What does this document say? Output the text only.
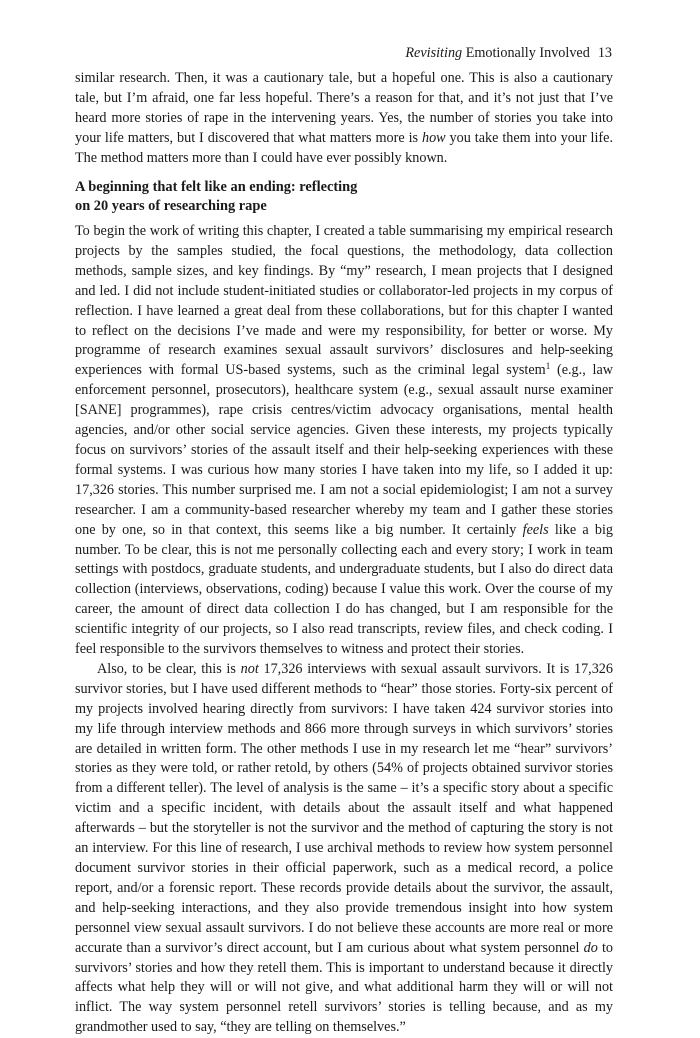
Revisiting Emotionally Involved 13

similar research. Then, it was a cautionary tale, but a hopeful one. This is also a cautionary tale, but I’m afraid, one far less hopeful. There’s a reason for that, and it’s not just that I’ve heard more stories of rape in the intervening years. Yes, the number of stories you take into your life matters, but I discovered that what matters more is how you take them into your life. The method matters more than I could have ever possibly known.

A beginning that felt like an ending: reflecting
on 20 years of researching rape

To begin the work of writing this chapter, I created a table summarising my empirical research projects by the samples studied, the focal questions, the methodology, data collection methods, sample sizes, and key findings. By “my” research, I mean projects that I designed and led. I did not include student-initiated studies or collaborator-led projects in my corpus of reflection. I have learned a great deal from these collaborations, but for this chapter I wanted to reflect on the decisions I’ve made and were my responsibility, for better or worse. My programme of research examines sexual assault survivors’ disclosures and help-seeking experiences with formal US-based systems, such as the criminal legal system$^1$ (e.g., law enforcement personnel, prosecutors), healthcare system (e.g., sexual assault nurse examiner [SANE] programmes), rape crisis centres/victim advocacy organisations, mental health agencies, and/or other social service agencies. Given these interests, my projects typically focus on survivors’ stories of the assault itself and their help-seeking experiences with these formal systems. I was curious how many stories I have taken into my life, so I added it up: 17,326 stories. This number surprised me. I am not a social epidemiologist; I am not a survey researcher. I am a community-based researcher whereby my team and I gather these stories one by one, so in that context, this seems like a big number. It certainly feels like a big number. To be clear, this is not me personally collecting each and every story; I work in team settings with postdocs, graduate students, and undergraduate students, but I also do direct data collection (interviews, observations, coding) because I value this work. Over the course of my career, the amount of direct data collection I do has changed, but I am responsible for the scientific integrity of our projects, so I also read transcripts, review files, and check coding. I feel responsible to the survivors themselves to witness and protect their stories.

Also, to be clear, this is not 17,326 interviews with sexual assault survivors. It is 17,326 survivor stories, but I have used different methods to “hear” those stories. Forty-six percent of my projects involved hearing directly from survivors: I have taken 424 survivor stories into my life through interview methods and 866 more through surveys in which survivors’ stories are detailed in written form. The other methods I use in my research let me “hear” survivors’ stories as they were told, or rather retold, by others (54% of projects obtained survivor stories from a different teller). The level of analysis is the same – it’s a specific story about a specific victim and a specific incident, with details about the assault itself and what happened afterwards – but the storyteller is not the survivor and the method of capturing the story is not an interview. For this line of research, I use archival methods to review how system personnel document survivor stories in their official paperwork, such as a medical record, a police report, and/or a forensic report. These records provide details about the survivor, the assault, and help-seeking interactions, and they also provide tremendous insight into how system personnel view sexual assault survivors. I do not believe these accounts are more real or more accurate than a survivor’s direct account, but I am curious about what system personnel do to survivors’ stories and how they retell them. This is important to understand because it directly affects what help they will or will not give, and what additional harm they will or will not inflict. The way system personnel retell survivors’ stories is telling because, and as my grandmother used to say, “they are telling on themselves.”
